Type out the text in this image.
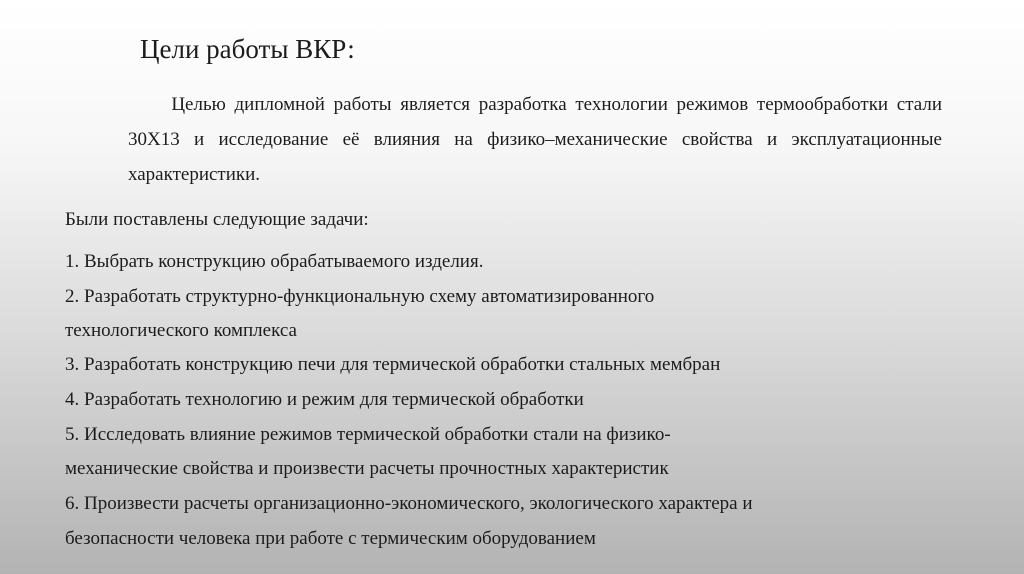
Цели работы ВКР:
Целью дипломной работы является разработка технологии режимов термообработки стали
30Х13 и исследование её влияния на физико–механические свойства и эксплуатационные
характеристики.
Были поставлены следующие задачи:
1. Выбрать конструкцию обрабатываемого изделия.
2. Разработать структурно-функциональную схему автоматизированного
технологического комплекса
3. Разработать конструкцию печи для термической обработки стальных мембран
4. Разработать технологию и режим для термической обработки
5. Исследовать влияние режимов термической обработки стали на физико-
механические свойства и произвести расчеты прочностных характеристик
6. Произвести расчеты организационно-экономического, экологического характера и
безопасности человека при работе с термическим оборудованием
